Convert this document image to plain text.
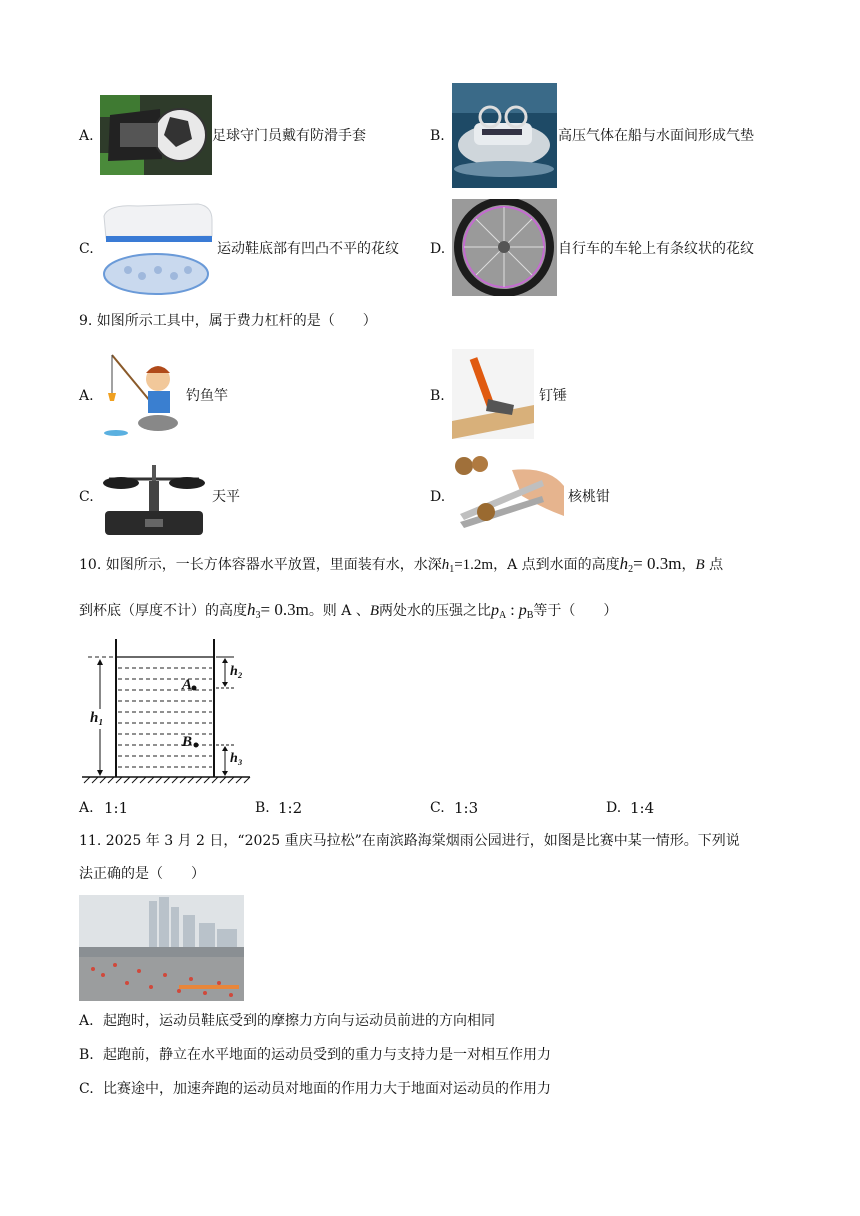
A.	足球守门员戴有防滑手套	B.	高压气体在船与水面间形成气垫
C.	运动鞋底部有凹凸不平的花纹 D.	自行车的车轮上有条纹状的花纹
9. 如图所示工具中，属于费力杠杆的是（　　）
A.	钓鱼竿	B.	钉锤
C.	天平	D.	核桃钳
10. 如图所示，一长方体容器水平放置，里面装有水，水深$h_1=1.2m$，A 点到水面的高度$h_2= 0.3m$，B 点
到杯底（厚度不计）的高度$h_3= 0.3m$。则 A 、B两处水的压强之比$p_A$ : $p_B$等于（　　）
A
B
h₂
h₃
h₁
A. 1:1	B. 1:2	C. 1:3	D. 1:4
11. 2025 年 3 月 2 日，“2025 重庆马拉松”在南滨路海棠烟雨公园进行，如图是比赛中某一情形。下列说
法正确的是（　　）
A. 起跑时，运动员鞋底受到的摩擦力方向与运动员前进的方向相同
B. 起跑前，静立在水平地面的运动员受到的重力与支持力是一对相互作用力
C. 比赛途中，加速奔跑的运动员对地面的作用力大于地面对运动员的作用力
